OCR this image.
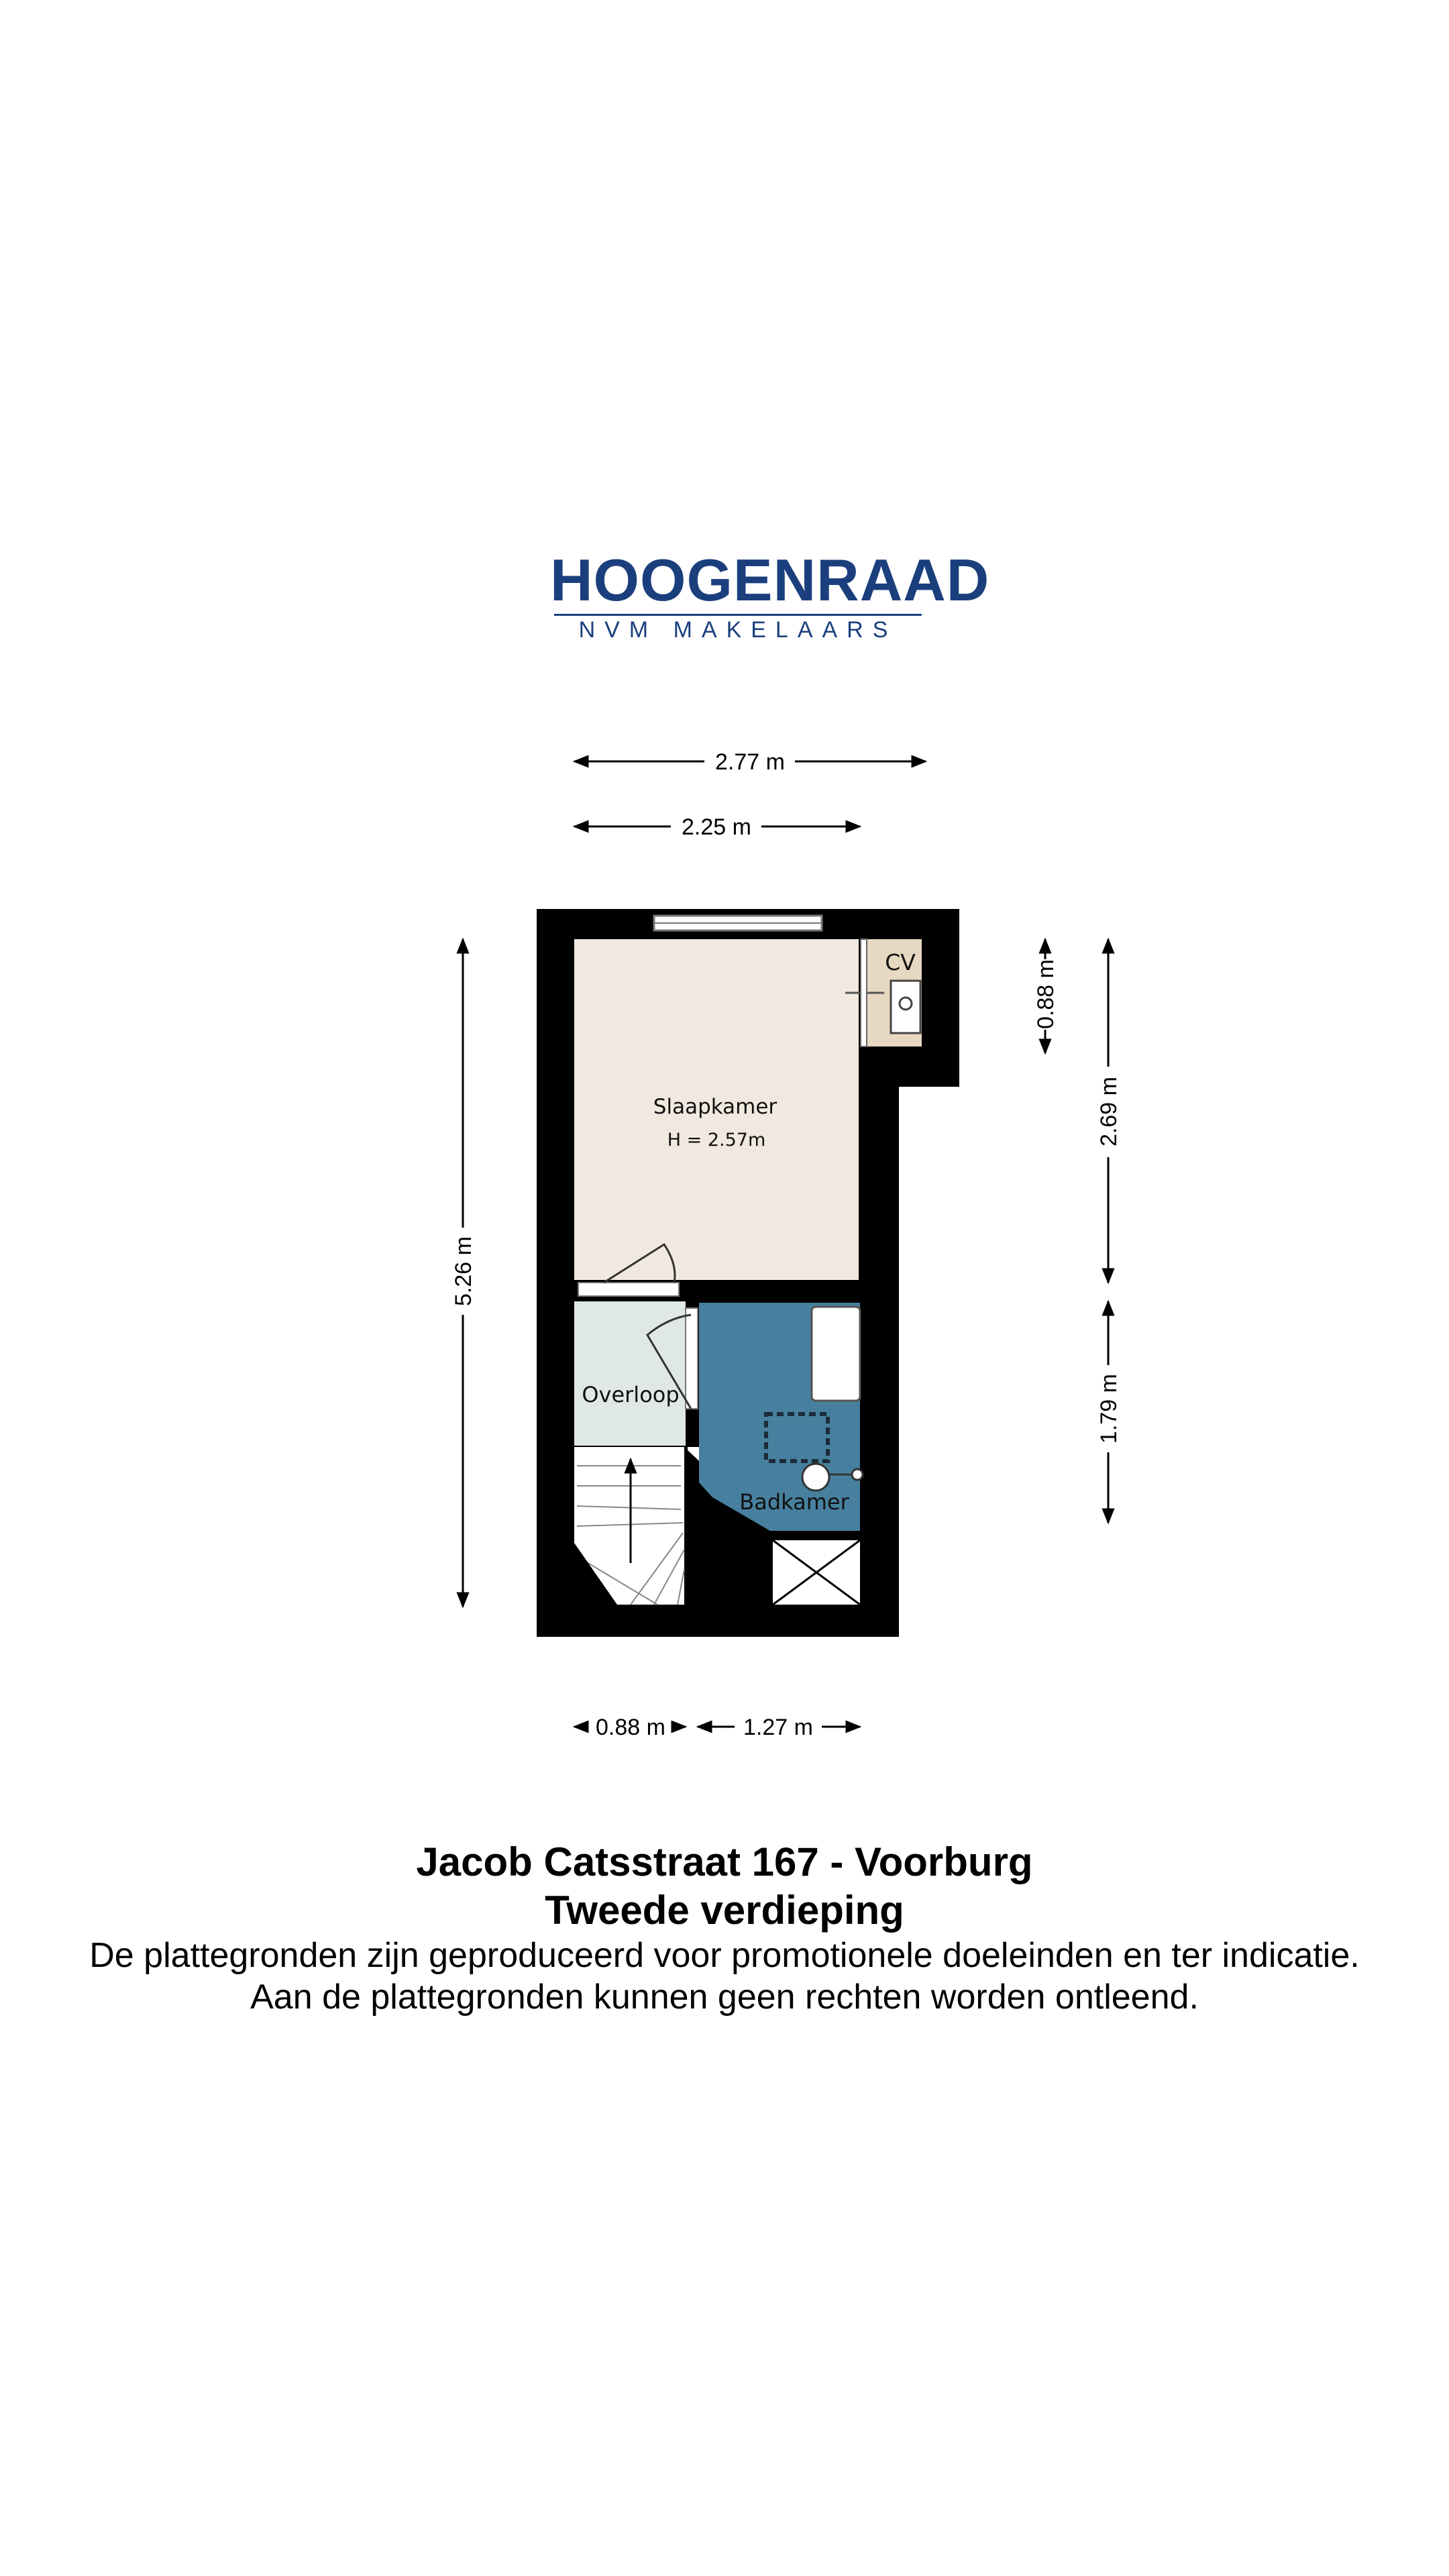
HOOGENRAAD
NVM MAKELAARS
Slaapkamer
H = 2.57m
CV
Overloop
Badkamer
2.77 m
2.25 m
5.26 m
0.88 m
2.69 m
1.79 m
0.88 m	1.27 m
Jacob Catsstraat 167 - Voorburg
Tweede verdieping
De plattegronden zijn geproduceerd voor promotionele doeleinden en ter indicatie.
Aan de plattegronden kunnen geen rechten worden ontleend.
